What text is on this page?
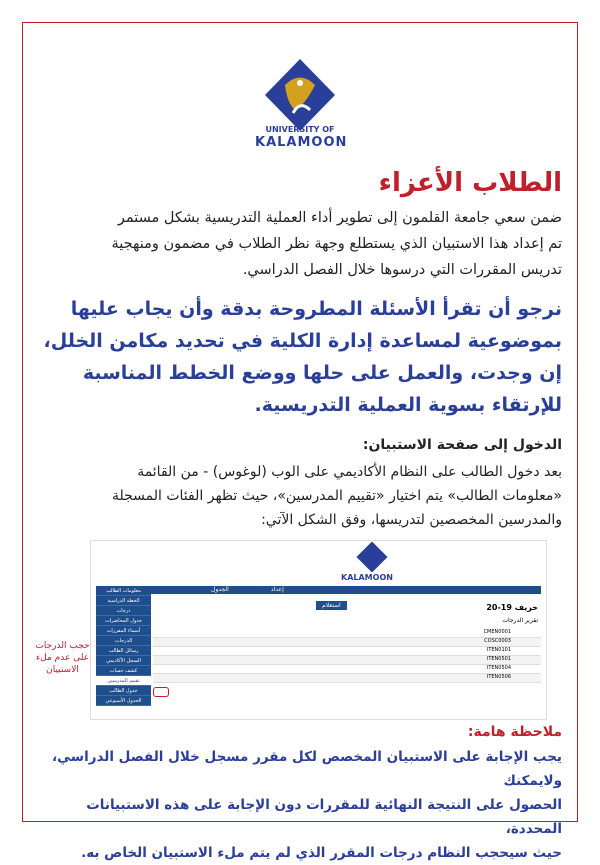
UNIVERSITY OF
KALAMOON
الطلاب الأعزاء
ضمن سعي جامعة القلمون إلى تطوير أداء العملية التدريسية بشكل مستمر
تم إعداد هذا الاستبيان الذي يستطلع وجهة نظر الطلاب في مضمون ومنهجية
تدريس المقررات التي درسوها خلال الفصل الدراسي.
نرجو أن تقرأ الأسئلة المطروحة بدقة وأن يجاب عليها
بموضوعية لمساعدة إدارة الكلية في تحديد مكامن الخلل،
إن وجدت، والعمل على حلها ووضع الخطط المناسبة
للإرتقاء بسوية العملية التدريسية.
الدخول إلى صفحة الاستبيان:
بعد دخول الطالب على النظام الأكاديمي على الوب (لوغوس) - من القائمة
«معلومات الطالب» يتم اختيار «تقييم المدرسين»، حيث تظهر الفئات المسجلة
والمدرسين المخصصين لتدريسها، وفق الشكل الآتي:
KALAMOON
إعداد
الجدول
معلومات الطالب
الخطة الدراسية
درجات
جدول المحاضرات
أسماء المقررات
الدرجات
رسائل الطالب
السجل الأكاديمي
كشف حساب
تقييم المدرسين
جدول الطالب
الجدول الأسبوعي
استعلام	خريف 19-20
تقرير الدرجات
CMEN0001
COSC0003
ITEN0101
ITEN0501
ITEN0504
ITEN0506
حجب الدرجات على عدم ملء الاستبيان
ملاحظة هامة:
يجب الإجابة على الاستبيان المخصص لكل مقرر مسجل خلال الفصل الدراسي، ولايمكنك
الحصول على النتيجة النهائية للمقررات دون الإجابة على هذه الاستبيانات المحددة،
حيث سيحجب النظام درجات المقرر الذي لم يتم ملء الاستبيان الخاص به.
